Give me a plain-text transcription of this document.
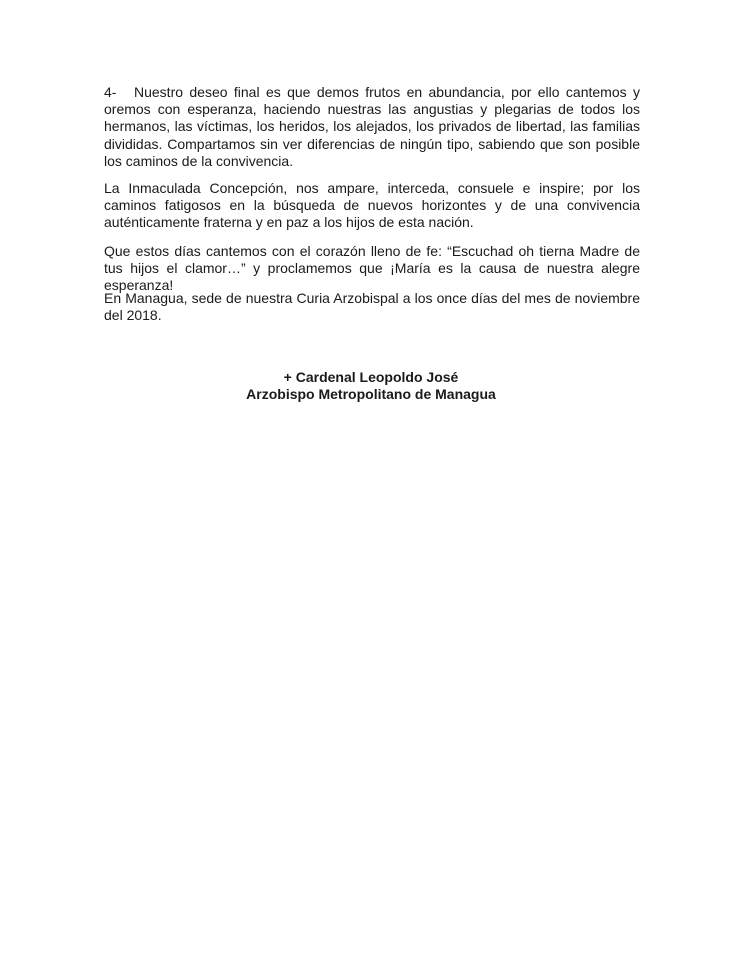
4- Nuestro deseo final es que demos frutos en abundancia, por ello cantemos y oremos con esperanza, haciendo nuestras las angustias y plegarias de todos los hermanos, las víctimas, los heridos, los alejados, los privados de libertad, las familias divididas. Compartamos sin ver diferencias de ningún tipo, sabiendo que son posible los caminos de la convivencia.

La Inmaculada Concepción, nos ampare, interceda, consuele e inspire; por los caminos fatigosos en la búsqueda de nuevos horizontes y de una convivencia auténticamente fraterna y en paz a los hijos de esta nación.

Que estos días cantemos con el corazón lleno de fe: “Escuchad oh tierna Madre de tus hijos el clamor…” y proclamemos que ¡María es la causa de nuestra alegre esperanza!

En Managua, sede de nuestra Curia Arzobispal a los once días del mes de noviembre del 2018.

+ Cardenal Leopoldo José
Arzobispo Metropolitano de Managua
